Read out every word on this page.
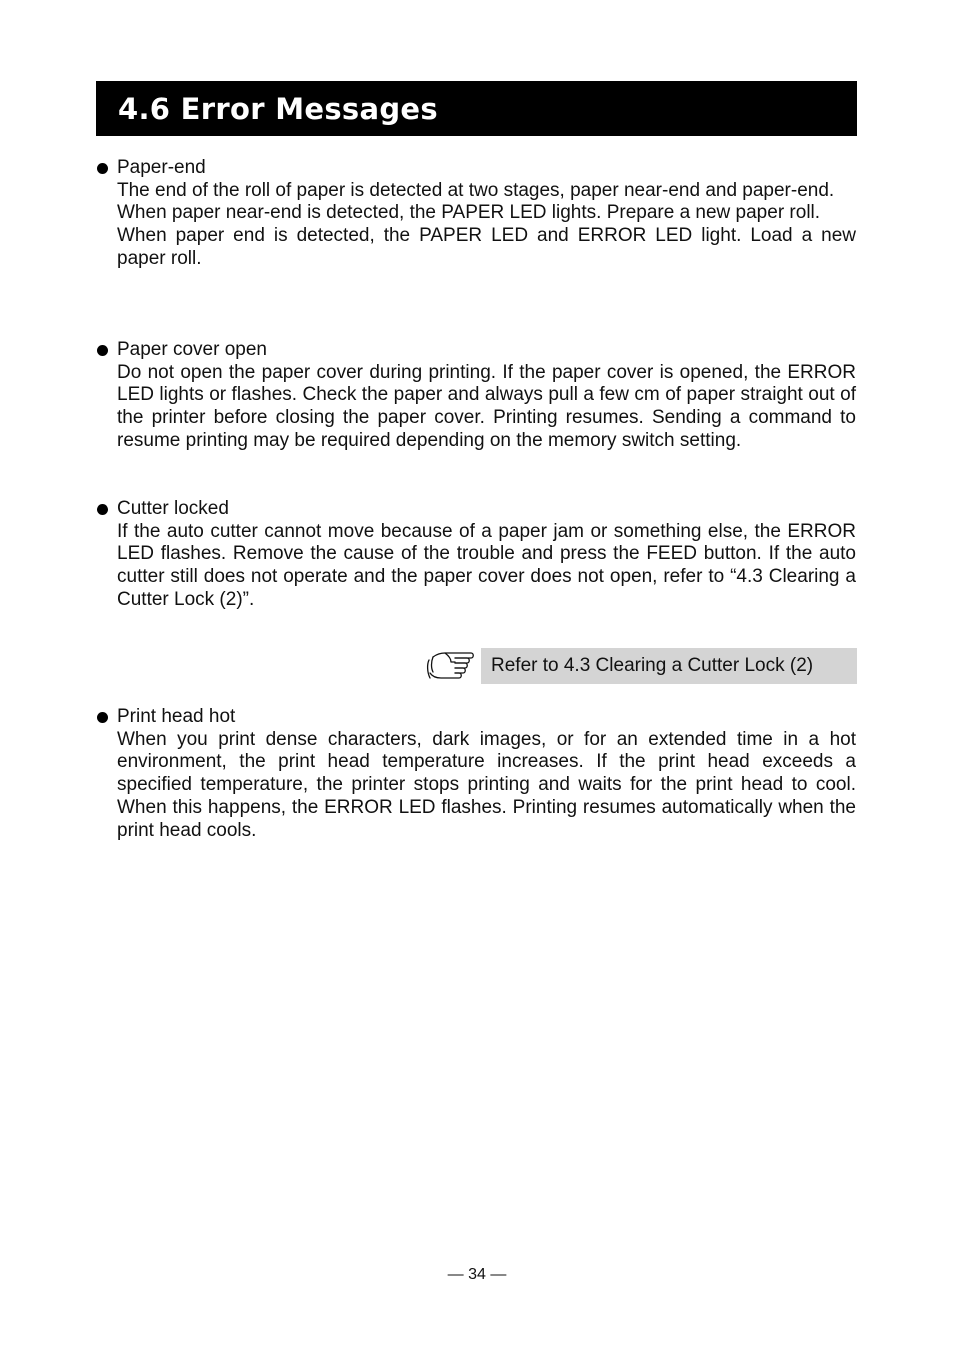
4.6 Error Messages
Paper-end

The end of the roll of paper is detected at two stages, paper near-end and paper-end.

When paper near-end is detected, the PAPER LED lights. Prepare a new paper roll.

When paper end is detected, the PAPER LED and ERROR LED light. Load a new paper roll.

Paper cover open

Do not open the paper cover during printing. If the paper cover is opened, the ERROR LED lights or flashes. Check the paper and always pull a few cm of paper straight out of the printer before closing the paper cover. Printing resumes. Sending a command to resume printing may be required depending on the memory switch setting.

Cutter locked

If the auto cutter cannot move because of a paper jam or something else, the ERROR LED flashes. Remove the cause of the trouble and press the FEED button. If the auto cutter still does not operate and the paper cover does not open, refer to “4.3 Clearing a Cutter Lock (2)”.

Refer to 4.3 Clearing a Cutter Lock (2)
Print head hot

When you print dense characters, dark images, or for an extended time in a hot environment, the print head temperature increases. If the print head exceeds a specified temperature, the printer stops printing and waits for the print head to cool. When this happens, the ERROR LED flashes. Printing resumes automatically when the print head cools.

— 34 —
